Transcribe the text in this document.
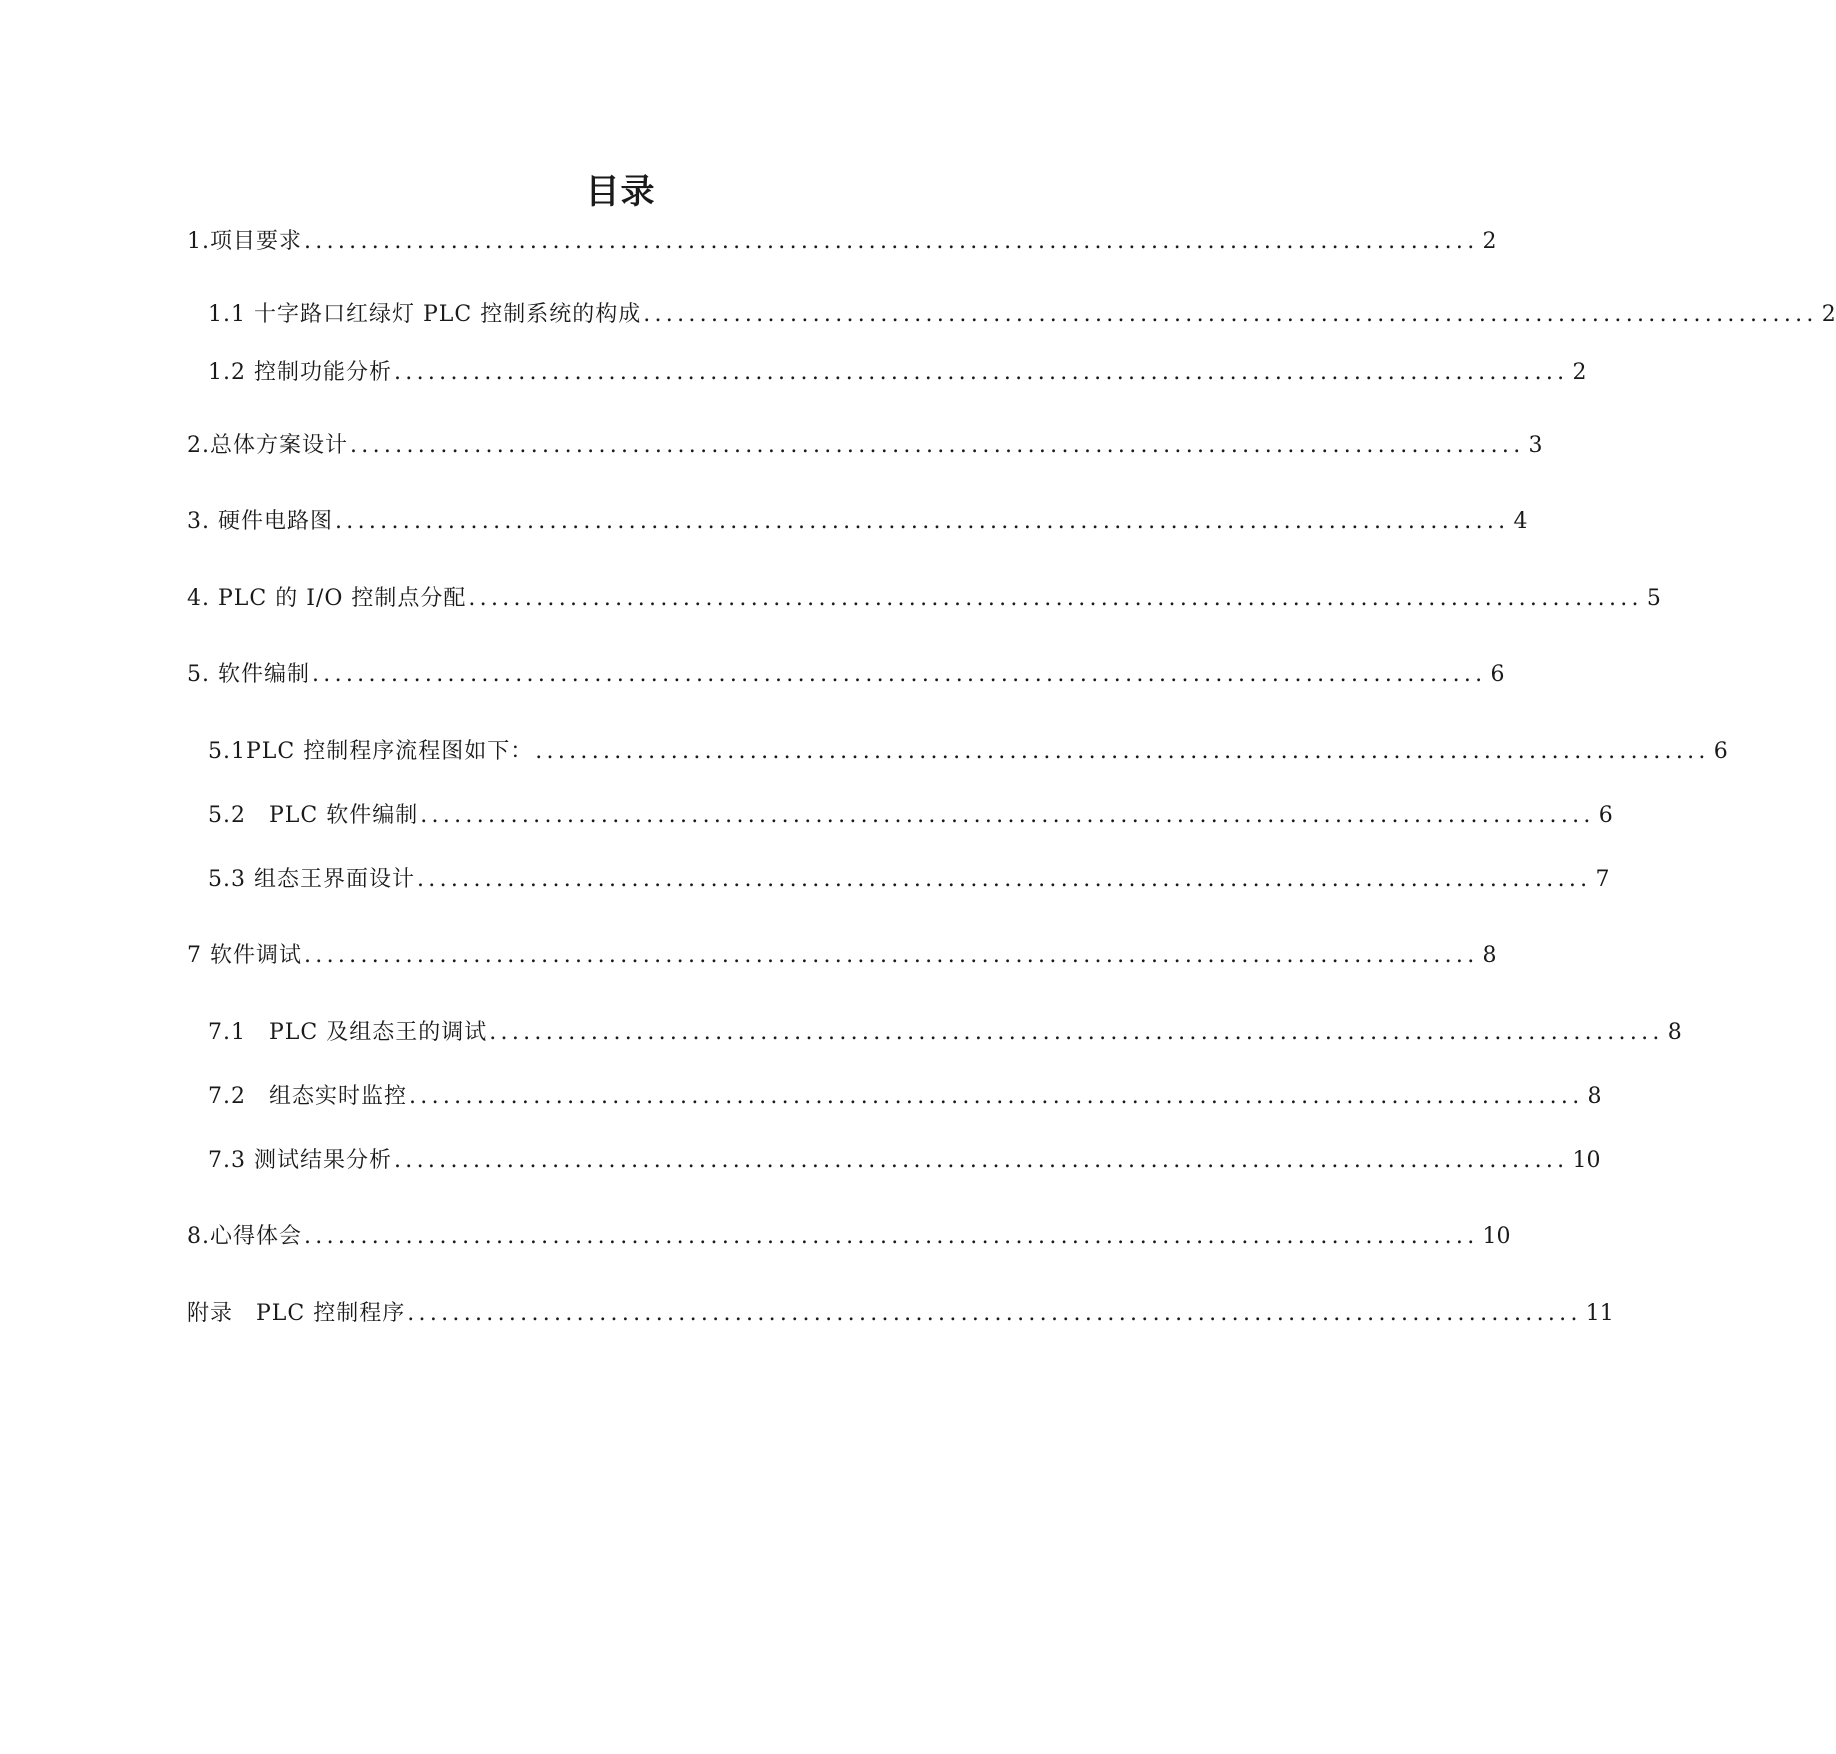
目录
1.项目要求 ........................................................................................................ 2
1.1 十字路口红绿灯 PLC 控制系统的构成 ........................................................................................................ 2
1.2 控制功能分析 ........................................................................................................ 2
2.总体方案设计 ........................................................................................................ 3
3. 硬件电路图 ........................................................................................................ 4
4. PLC 的 I/O 控制点分配 ........................................................................................................ 5
5. 软件编制 ........................................................................................................ 6
5.1PLC 控制程序流程图如下： ........................................................................................................ 6
5.2　PLC 软件编制 ........................................................................................................ 6
5.3 组态王界面设计 ........................................................................................................ 7
7 软件调试 ........................................................................................................ 8
7.1　PLC 及组态王的调试 ........................................................................................................ 8
7.2　组态实时监控 ........................................................................................................ 8
7.3 测试结果分析 ........................................................................................................ 10
8.心得体会 ........................................................................................................ 10
附录　PLC 控制程序 ........................................................................................................ 11
